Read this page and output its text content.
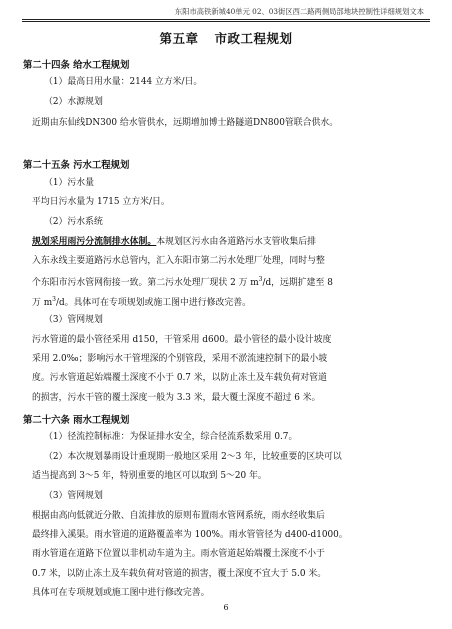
东阳市高铁新城40单元 02、03街区西二路两侧局部地块控制性详细规划文本
第五章 市政工程规划
第二十四条 给水工程规划
（1）最高日用水量：2144 立方米/日。
（2）水源规划
近期由东仙线DN300 给水管供水，远期增加博士路隧道DN800管联合供水。
第二十五条 污水工程规划
（1）污水量
平均日污水量为 1715 立方米/日。
（2）污水系统
规划采用雨污分流制排水体制。本规划区污水由各道路污水支管收集后排
入东永线主要道路污水总管内，汇入东阳市第二污水处理厂处理，同时与整
个东阳市污水管网衔接一致。第二污水处理厂现状 2 万 $m^3/d$，远期扩建至 8
万 $m^3/d$。具体可在专项规划或施工图中进行修改完善。
（3）管网规划
污水管道的最小管径采用 d150，干管采用 d600。最小管径的最小设计坡度
采用 2.0‰；影响污水干管埋深的个别管段，采用不淤流速控制下的最小坡
度。污水管道起始端覆土深度不小于 0.7 米，以防止冻土及车载负荷对管道
的损害，污水干管的覆土深度一般为 3.3 米，最大覆土深度不超过 6 米。
第二十六条 雨水工程规划
（1）径流控制标准：为保证排水安全，综合径流系数采用 0.7。
（2）本次规划暴雨设计重现期一般地区采用 2～3 年，比较重要的区块可以
适当提高到 3～5 年，特别重要的地区可以取到 5～20 年。
（3）管网规划
根据由高向低就近分散、自流排放的原则布置雨水管网系统，雨水经收集后
最终排入溪渠。雨水管道的道路覆盖率为 100%。雨水管管径为 d400-d1000。
雨水管道在道路下位置以非机动车道为主。雨水管道起始端覆土深度不小于
0.7 米，以防止冻土及车载负荷对管道的损害，覆土深度不宜大于 5.0 米。
具体可在专项规划或施工图中进行修改完善。
6
